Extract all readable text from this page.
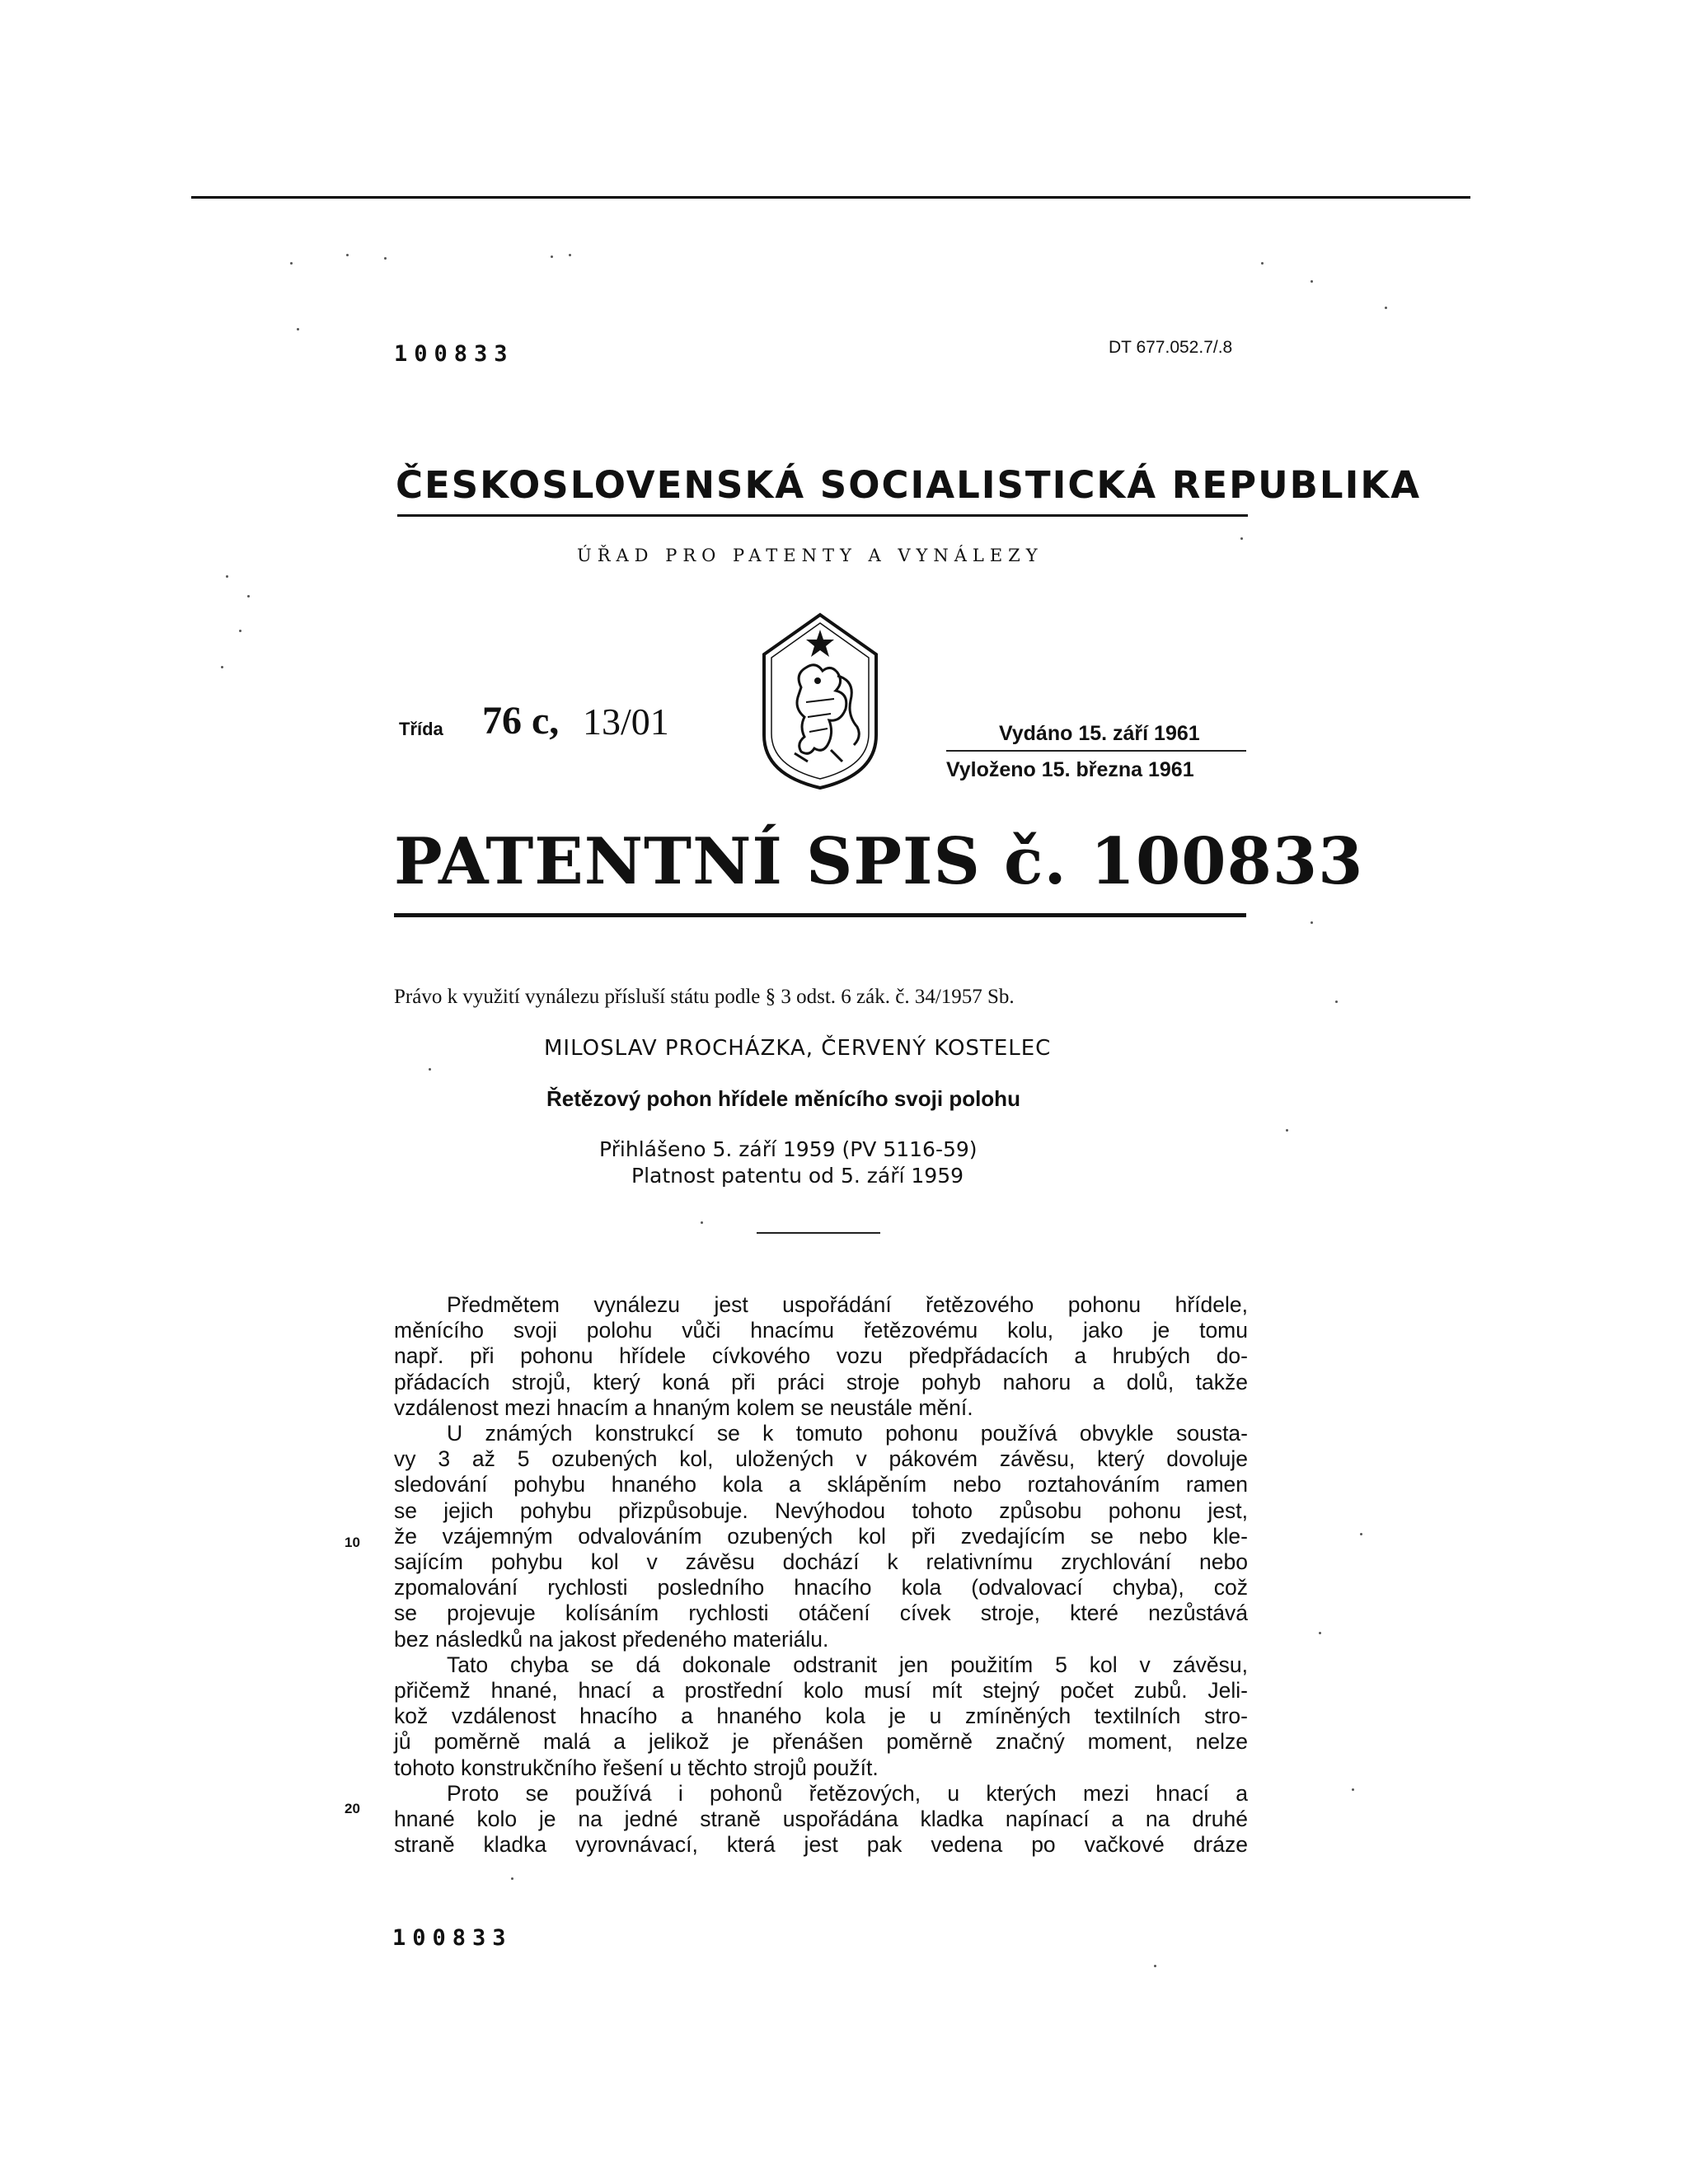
100833	DT 677.052.7/.8
ČESKOSLOVENSKÁ SOCIALISTICKÁ REPUBLIKA
ÚŘAD PRO PATENTY A VYNÁLEZY
Třída 76 c, 13/01	Vydáno 15. září 1961
Vyloženo 15. března 1961
PATENTNÍ SPIS č. 100833
Právo k využití vynálezu přísluší státu podle § 3 odst. 6 zák. č. 34/1957 Sb.
MILOSLAV PROCHÁZKA, ČERVENÝ KOSTELEC
Řetězový pohon hřídele měnícího svoji polohu
Přihlášeno 5. září 1959 (PV 5116-59)
Platnost patentu od 5. září 1959
Předmětem vynálezu jest uspořádání řetězového pohonu hřídele,
měnícího svoji polohu vůči hnacímu řetězovému kolu, jako je tomu
např. při pohonu hřídele cívkového vozu předpřádacích a hrubých do-
přádacích strojů, který koná při práci stroje pohyb nahoru a dolů, takže
vzdálenost mezi hnacím a hnaným kolem se neustále mění.
U známých konstrukcí se k tomuto pohonu používá obvykle sousta-
vy 3 až 5 ozubených kol, uložených v pákovém závěsu, který dovoluje
sledování pohybu hnaného kola a sklápěním nebo roztahováním ramen
se jejich pohybu přizpůsobuje. Nevýhodou tohoto způsobu pohonu jest,
že vzájemným odvalováním ozubených kol při zvedajícím se nebo kle-
sajícím pohybu kol v závěsu dochází k relativnímu zrychlování nebo
zpomalování rychlosti posledního hnacího kola (odvalovací chyba), což
se projevuje kolísáním rychlosti otáčení cívek stroje, které nezůstává
bez následků na jakost předeného materiálu.
Tato chyba se dá dokonale odstranit jen použitím 5 kol v závěsu,
přičemž hnané, hnací a prostřední kolo musí mít stejný počet zubů. Jeli-
kož vzdálenost hnacího a hnaného kola je u zmíněných textilních stro-
jů poměrně malá a jelikož je přenášen poměrně značný moment, nelze
tohoto konstrukčního řešení u těchto strojů použít.
Proto se používá i pohonů řetězových, u kterých mezi hnací a
hnané kolo je na jedné straně uspořádána kladka napínací a na druhé
straně kladka vyrovnávací, která jest pak vedena po vačkové dráze
10
20
100833
